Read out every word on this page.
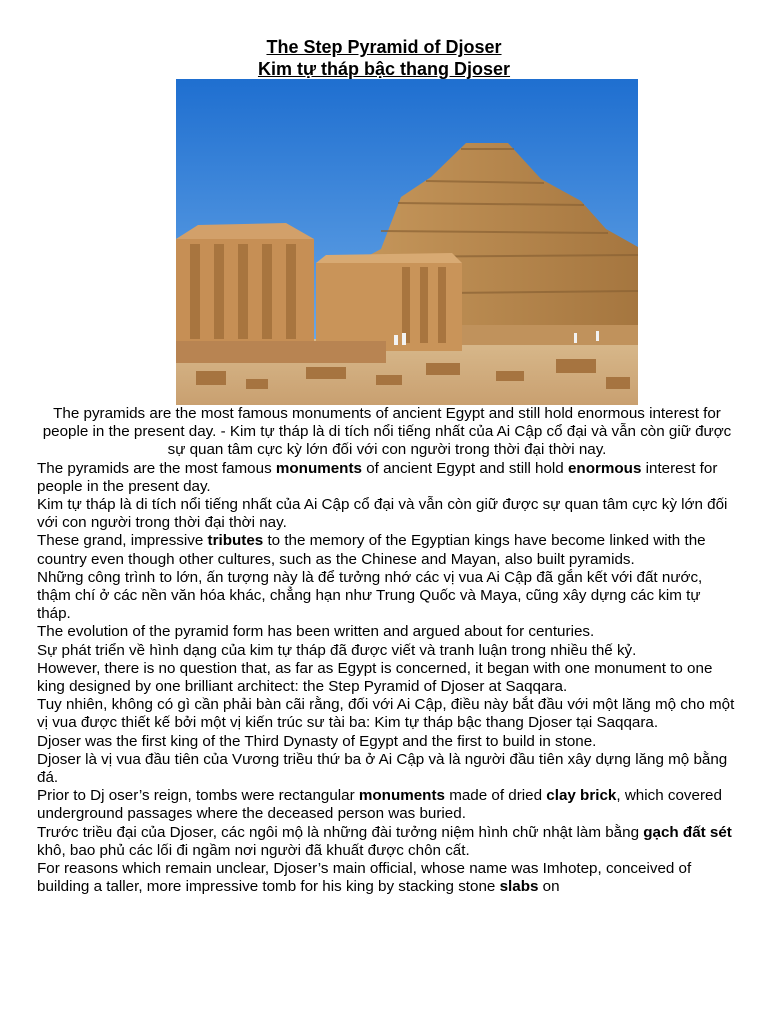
The Step Pyramid of Djoser
Kim tự tháp bậc thang Djoser

The pyramids are the most famous monuments of ancient Egypt and still hold enormous interest for people in the present day. - Kim tự tháp là di tích nổi tiếng nhất của Ai Cập cổ đại và vẫn còn giữ được sự quan tâm cực kỳ lớn đối với con người trong thời đại thời nay.

The pyramids are the most famous monuments of ancient Egypt and still hold enormous interest for people in the present day.

Kim tự tháp là di tích nổi tiếng nhất của Ai Cập cổ đại và vẫn còn giữ được sự quan tâm cực kỳ lớn đối với con người trong thời đại thời nay.

These grand, impressive tributes to the memory of the Egyptian kings have become linked with the country even though other cultures, such as the Chinese and Mayan, also built pyramids.

Những công trình to lớn, ấn tượng này là để tưởng nhớ các vị vua Ai Cập đã gắn kết với đất nước, thậm chí ở các nền văn hóa khác, chẳng hạn như Trung Quốc và Maya, cũng xây dựng các kim tự tháp.

The evolution of the pyramid form has been written and argued about for centuries.

Sự phát triển về hình dạng của kim tự tháp đã được viết và tranh luận trong nhiều thế kỷ.

However, there is no question that, as far as Egypt is concerned, it began with one monument to one king designed by one brilliant architect: the Step Pyramid of Djoser at Saqqara.

Tuy nhiên, không có gì cần phải bàn cãi rằng, đối với Ai Cập, điều này bắt đầu với một lăng mộ cho một vị vua được thiết kế bởi một vị kiến trúc sư tài ba: Kim tự tháp bậc thang Djoser tại Saqqara.

Djoser was the first king of the Third Dynasty of Egypt and the first to build in stone.

Djoser là vị vua đầu tiên của Vương triều thứ ba ở Ai Cập và là người đầu tiên xây dựng lăng mộ bằng đá.

Prior to Dj oser’s reign, tombs were rectangular monuments made of dried clay brick, which covered underground passages where the deceased person was buried.

Trước triều đại của Djoser, các ngôi mộ là những đài tưởng niệm hình chữ nhật làm bằng gạch đất sét khô, bao phủ các lối đi ngầm nơi người đã khuất được chôn cất.

For reasons which remain unclear, Djoser’s main official, whose name was Imhotep, conceived of building a taller, more impressive tomb for his king by stacking stone slabs on
